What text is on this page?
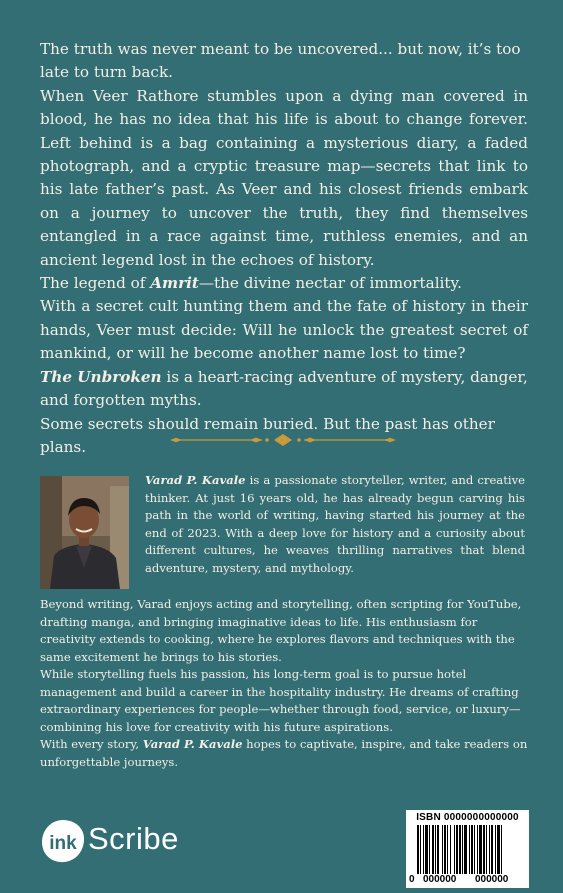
The truth was never meant to be uncovered... but now, it’s too late to turn back.

When Veer Rathore stumbles upon a dying man covered in blood, he has no idea that his life is about to change forever. Left behind is a bag containing a mysterious diary, a faded photograph, and a cryptic treasure map—secrets that link to his late father’s past. As Veer and his closest friends embark on a journey to uncover the truth, they find themselves entangled in a race against time, ruthless enemies, and an ancient legend lost in the echoes of history.

The legend of Amrit—the divine nectar of immortality.

With a secret cult hunting them and the fate of history in their hands, Veer must decide: Will he unlock the greatest secret of mankind, or will he become another name lost to time?

The Unbroken is a heart-racing adventure of mystery, danger, and forgotten myths.

Some secrets should remain buried. But the past has other plans.

Varad P. Kavale is a passionate storyteller, writer, and creative thinker. At just 16 years old, he has already begun carving his path in the world of writing, having started his journey at the end of 2023. With a deep love for history and a curiosity about different cultures, he weaves thrilling narratives that blend adventure, mystery, and mythology.

Beyond writing, Varad enjoys acting and storytelling, often scripting for YouTube, drafting manga, and bringing imaginative ideas to life. His enthusiasm for creativity extends to cooking, where he explores flavors and techniques with the same excitement he brings to his stories.

While storytelling fuels his passion, his long-term goal is to pursue hotel management and build a career in the hospitality industry. He dreams of crafting extraordinary experiences for people—whether through food, service, or luxury—combining his love for creativity with his future aspirations.

With every story, Varad P. Kavale hopes to captivate, inspire, and take readers on unforgettable journeys.

ink Scribe
ISBN 0000000000000
0 000000 000000
